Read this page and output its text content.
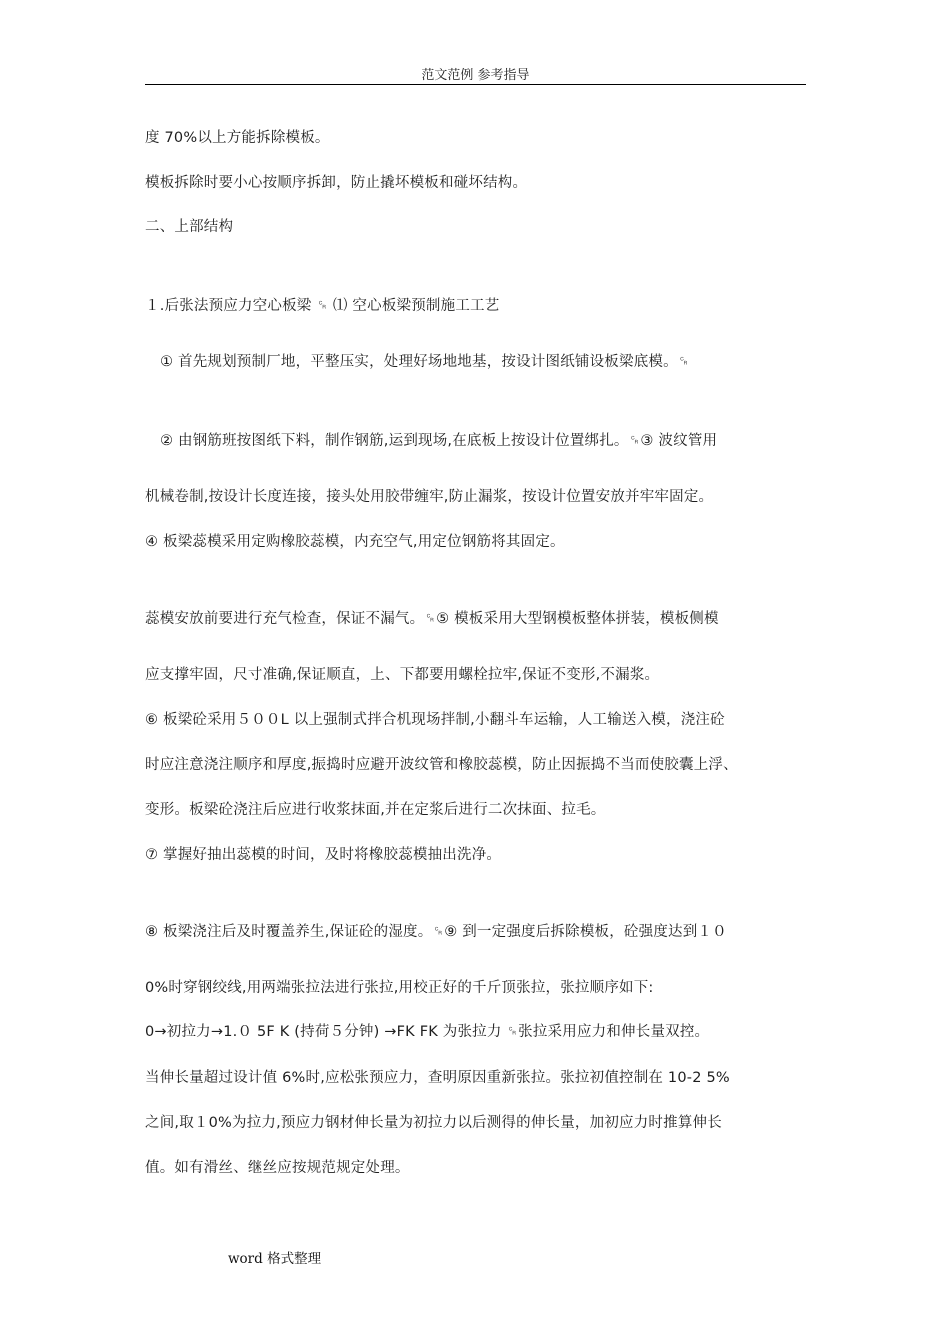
范文范例 参考指导
度 70%以上方能拆除模板。
模板拆除时要小心按顺序拆卸，防止撬坏模板和碰坏结构。
二、上部结构
１.后张法预应力空心板梁 ␍ ⑴ 空心板梁预制施工工艺
① 首先规划预制厂地，平整压实，处理好场地地基，按设计图纸铺设板梁底模。␍
② 由钢筋班按图纸下料，制作钢筋,运到现场,在底板上按设计位置绑扎。␍③ 波纹管用
机械卷制,按设计长度连接，接头处用胶带缠牢,防止漏浆，按设计位置安放并牢牢固定。
④ 板梁蕊模采用定购橡胶蕊模，内充空气,用定位钢筋将其固定。
蕊模安放前要进行充气检查，保证不漏气。␍⑤ 模板采用大型钢模板整体拼装，模板侧模
应支撑牢固，尺寸准确,保证顺直，上、下都要用螺栓拉牢,保证不变形,不漏浆。
⑥ 板梁砼采用５００L 以上强制式拌合机现场拌制,小翻斗车运输，人工输送入模，浇注砼
时应注意浇注顺序和厚度,振捣时应避开波纹管和橡胶蕊模，防止因振捣不当而使胶囊上浮、
变形。板梁砼浇注后应进行收浆抹面,并在定浆后进行二次抹面、拉毛。
⑦ 掌握好抽出蕊模的时间，及时将橡胶蕊模抽出洗净。
⑧ 板梁浇注后及时覆盖养生,保证砼的湿度。␍⑨ 到一定强度后拆除模板，砼强度达到１０
0%时穿钢绞线,用两端张拉法进行张拉,用校正好的千斤顶张拉，张拉顺序如下:
0→初拉力→1.０ 5F K (持荷５分钟) →FK FK 为张拉力 ␍张拉采用应力和伸长量双控。
当伸长量超过设计值 6%时,应松张预应力，查明原因重新张拉。张拉初值控制在 10-2 5%
之间,取１0%为拉力,预应力钢材伸长量为初拉力以后测得的伸长量，加初应力时推算伸长
值。如有滑丝、继丝应按规范规定处理。
word 格式整理
